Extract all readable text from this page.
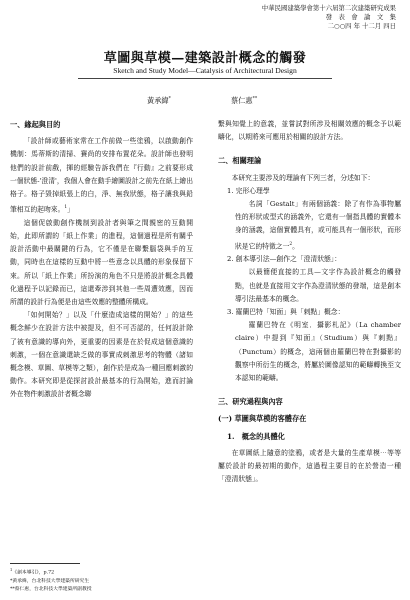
中華民國建築學會第十六屆第二次建築研究成果
發　表　會　論　文　集
二○○四 年 十二月 四日
草圖與草模—建築設計概念的觸發
Sketch and Study Model—Catalysis of Architectural Design
黃承緯*	蔡仁惠**
一、緣起與目的

「設計師或藝術家常在工作前做一些塗鴉，以啟動創作機制：馬蒂斯的清掃、賽尚的安排布置花朵。設計師也發明他們的設計前戲，揮的經驗告訴我們在『行動』之前要形成一個狀態-'澄清'，我個人會在動手繪圖設計之前先在紙上繪出格子。格子毀掉紙張上的白，淨、無我狀態，格子讓我與鉛筆相互的起吻來。$^1$」

這個促啟動創作機制到設計者與筆之間親密的互動開始，此即所謂的「紙上作業」的進程，這個過程是所有關乎設計活動中最關鍵的行為，它不僅是在聯繫腦袋與手的互動，同時也在這樣的互動中將一些意念以具體的形象保留下來。所以「紙上作業」所扮演的角色不只是將設計概念具體化過程予以記錄而已，這還牽涉到其他一些周遭效應，因而所謂的設計行為便是由這些效應的整體所構成。

「如何開始？」以及「什麼造成這樣的開始？」的這些概念鮮少在設計方法中被提及，但不可否認的，任何設計除了被有意識的導向外，更重要的因素是在於促成這個意識的刺激，一個在意識還缺乏做的事實成刺激思考的物體（諸如概念模、草圖、草模等之類），創作於是成為一種回應刺激的動作。本研究即是從探討設計最基本的行為開始，進而討論外在物件刺激設計者概念聯

繫與知覺上的意義，並嘗試對所涉及相關效應的概念予以範疇化，以期將來可應用於相關的設計方法。

二、相關理論

本研究主要涉及的理論有下列三者，分述如下：

1. 完形心理學

名詞「Gestalt」有兩個涵義：除了有作為事物屬性的形狀或型式的涵義外，它還有一個指具體的實體本身的涵義，這個實體具有，或可能具有一個形狀，而形狀是它的特徵之一$^2$。

2. 創本導引法—創作之「澄清狀態」：

以最簡便直接的工具—文字作為設計概念的觸發點，也就是直接用文字作為澄清狀態的發端，這是創本導引法最基本的概念。

3. 羅蘭巴特「知面」與「刺點」概念：

羅蘭巴特在《明室．攝影札記》（La chamber claire）中提到『知面』（Studium）與『刺點』（Punctum）的概念，這兩個由羅蘭巴特在對攝影的觀察中所衍生的概念，將屬於圖像認知的範疇轉換至文本認知的範疇。

三、研究過程與內容
(一) 草圖與草模的客體存在
1.　概念的具體化

在草圖紙上隨意的塗鴉，或者是大量的生產草模⋯等等屬於設計的最初期的動作，這過程主要目的在於營造一種「澄清狀態」。

$^1$《創本導引》，p.72
*黃承緯，台北科技大學建築所研究生
**蔡仁惠，台北科技大學建築所副教授
